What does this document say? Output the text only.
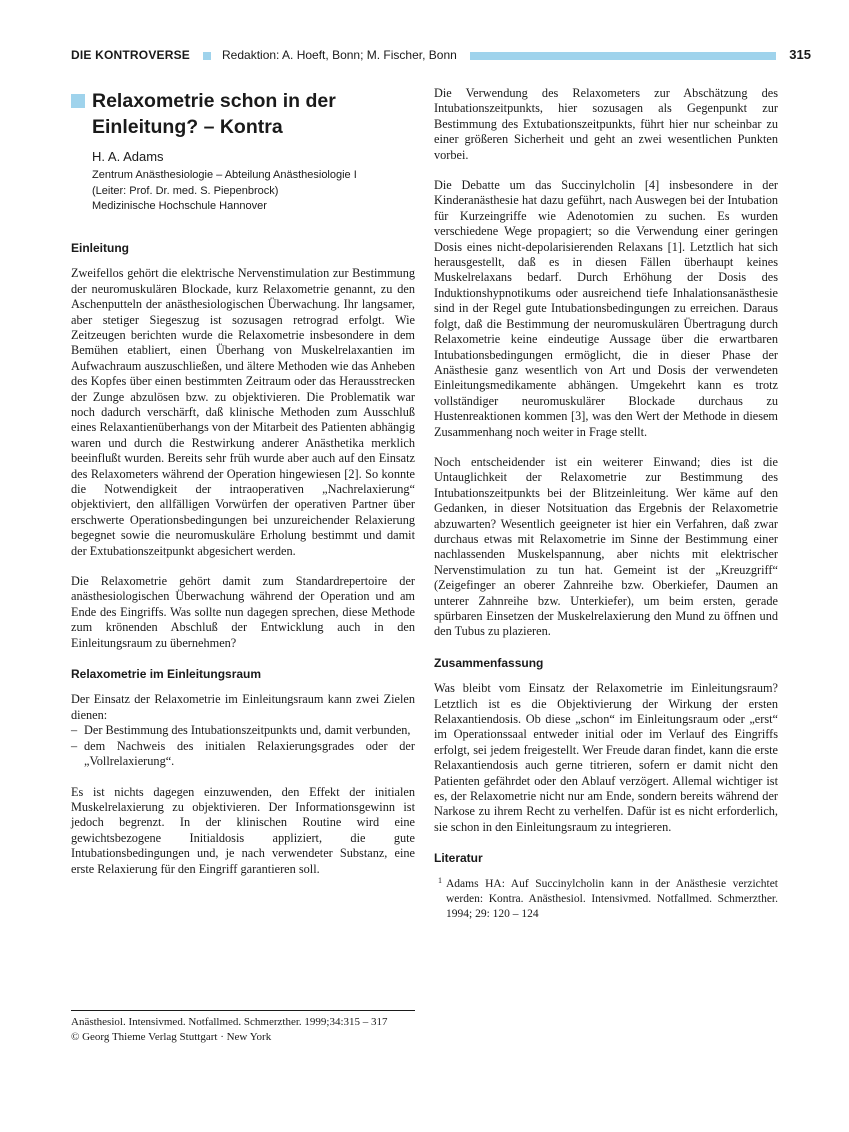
DIE KONTROVERSE	Redaktion: A. Hoeft, Bonn; M. Fischer, Bonn	315
Relaxometrie schon in der
Einleitung? – Kontra
H. A. Adams
Zentrum Anästhesiologie – Abteilung Anästhesiologie I
(Leiter: Prof. Dr. med. S. Piepenbrock)
Medizinische Hochschule Hannover
Einleitung

Zweifellos gehört die elektrische Nervenstimulation zur Bestimmung der neuromuskulären Blockade, kurz Relaxometrie genannt, zu den Aschenputteln der anästhesiologischen Überwachung. Ihr langsamer, aber stetiger Siegeszug ist sozusagen retrograd erfolgt. Wie Zeitzeugen berichten wurde die Relaxometrie insbesondere in dem Bemühen etabliert, einen Überhang von Muskelrelaxantien im Aufwachraum auszuschließen, und ältere Methoden wie das Anheben des Kopfes über einen bestimmten Zeitraum oder das Herausstrecken der Zunge abzulösen bzw. zu objektivieren. Die Problematik war noch dadurch verschärft, daß klinische Methoden zum Ausschluß eines Relaxantienüberhangs von der Mitarbeit des Patienten abhängig waren und durch die Restwirkung anderer Anästhetika merklich beeinflußt wurden. Bereits sehr früh wurde aber auch auf den Einsatz des Relaxometers während der Operation hingewiesen [2]. So konnte die Notwendigkeit der intraoperativen „Nachrelaxierung“ objektiviert, den allfälligen Vorwürfen der operativen Partner über erschwerte Operationsbedingungen bei unzureichender Relaxierung begegnet sowie die neuromuskuläre Erholung bestimmt und damit der Extubationszeitpunkt abgesichert werden.

Die Relaxometrie gehört damit zum Standardrepertoire der anästhesiologischen Überwachung während der Operation und am Ende des Eingriffs. Was sollte nun dagegen sprechen, diese Methode zum krönenden Abschluß der Entwicklung auch in den Einleitungsraum zu übernehmen?

Relaxometrie im Einleitungsraum

Der Einsatz der Relaxometrie im Einleitungsraum kann zwei Zielen dienen:

– Der Bestimmung des Intubationszeitpunkts und, damit verbunden,
– dem Nachweis des initialen Relaxierungsgrades oder der „Vollrelaxierung“.

Es ist nichts dagegen einzuwenden, den Effekt der initialen Muskelrelaxierung zu objektivieren. Der Informationsgewinn ist jedoch begrenzt. In der klinischen Routine wird eine gewichtsbezogene Initialdosis appliziert, die gute Intubationsbedingungen und, je nach verwendeter Substanz, eine erste Relaxierung für den Eingriff garantieren soll.

Die Verwendung des Relaxometers zur Abschätzung des Intubationszeitpunkts, hier sozusagen als Gegenpunkt zur Bestimmung des Extubationszeitpunkts, führt hier nur scheinbar zu einer größeren Sicherheit und geht an zwei wesentlichen Punkten vorbei.

Die Debatte um das Succinylcholin [4] insbesondere in der Kinderanästhesie hat dazu geführt, nach Auswegen bei der Intubation für Kurzeingriffe wie Adenotomien zu suchen. Es wurden verschiedene Wege propagiert; so die Verwendung einer geringen Dosis eines nicht-depolarisierenden Relaxans [1]. Letztlich hat sich herausgestellt, daß es in diesen Fällen überhaupt keines Muskelrelaxans bedarf. Durch Erhöhung der Dosis des Induktionshypnotikums oder ausreichend tiefe Inhalationsanästhesie sind in der Regel gute Intubationsbedingungen zu erreichen. Daraus folgt, daß die Bestimmung der neuromuskulären Übertragung durch Relaxometrie keine eindeutige Aussage über die erwartbaren Intubationsbedingungen ermöglicht, die in dieser Phase der Anästhesie ganz wesentlich von Art und Dosis der verwendeten Einleitungsmedikamente abhängen. Umgekehrt kann es trotz vollständiger neuromuskulärer Blockade durchaus zu Hustenreaktionen kommen [3], was den Wert der Methode in diesem Zusammenhang noch weiter in Frage stellt.

Noch entscheidender ist ein weiterer Einwand; dies ist die Untauglichkeit der Relaxometrie zur Bestimmung des Intubationszeitpunkts bei der Blitzeinleitung. Wer käme auf den Gedanken, in dieser Notsituation das Ergebnis der Relaxometrie abzuwarten? Wesentlich geeigneter ist hier ein Verfahren, daß zwar durchaus etwas mit Relaxometrie im Sinne der Bestimmung einer nachlassenden Muskelspannung, aber nichts mit elektrischer Nervenstimulation zu tun hat. Gemeint ist der „Kreuzgriff“ (Zeigefinger an oberer Zahnreihe bzw. Oberkiefer, Daumen an unterer Zahnreihe bzw. Unterkiefer), um beim ersten, gerade spürbaren Einsetzen der Muskelrelaxierung den Mund zu öffnen und den Tubus zu plazieren.

Zusammenfassung

Was bleibt vom Einsatz der Relaxometrie im Einleitungsraum? Letztlich ist es die Objektivierung der Wirkung der ersten Relaxantiendosis. Ob diese „schon“ im Einleitungsraum oder „erst“ im Operationssaal entweder initial oder im Verlauf des Eingriffs erfolgt, sei jedem freigestellt. Wer Freude daran findet, kann die erste Relaxantiendosis auch gerne titrieren, sofern er damit nicht den Patienten gefährdet oder den Ablauf verzögert. Allemal wichtiger ist es, der Relaxometrie nicht nur am Ende, sondern bereits während der Narkose zu ihrem Recht zu verhelfen. Dafür ist es nicht erforderlich, sie schon in den Einleitungsraum zu integrieren.

Literatur
1 Adams HA: Auf Succinylcholin kann in der Anästhesie verzichtet werden: Kontra. Anästhesiol. Intensivmed. Notfallmed. Schmerzther. 1994; 29: 120 – 124
Anästhesiol. Intensivmed. Notfallmed. Schmerzther. 1999;34:315 – 317
© Georg Thieme Verlag Stuttgart · New York
